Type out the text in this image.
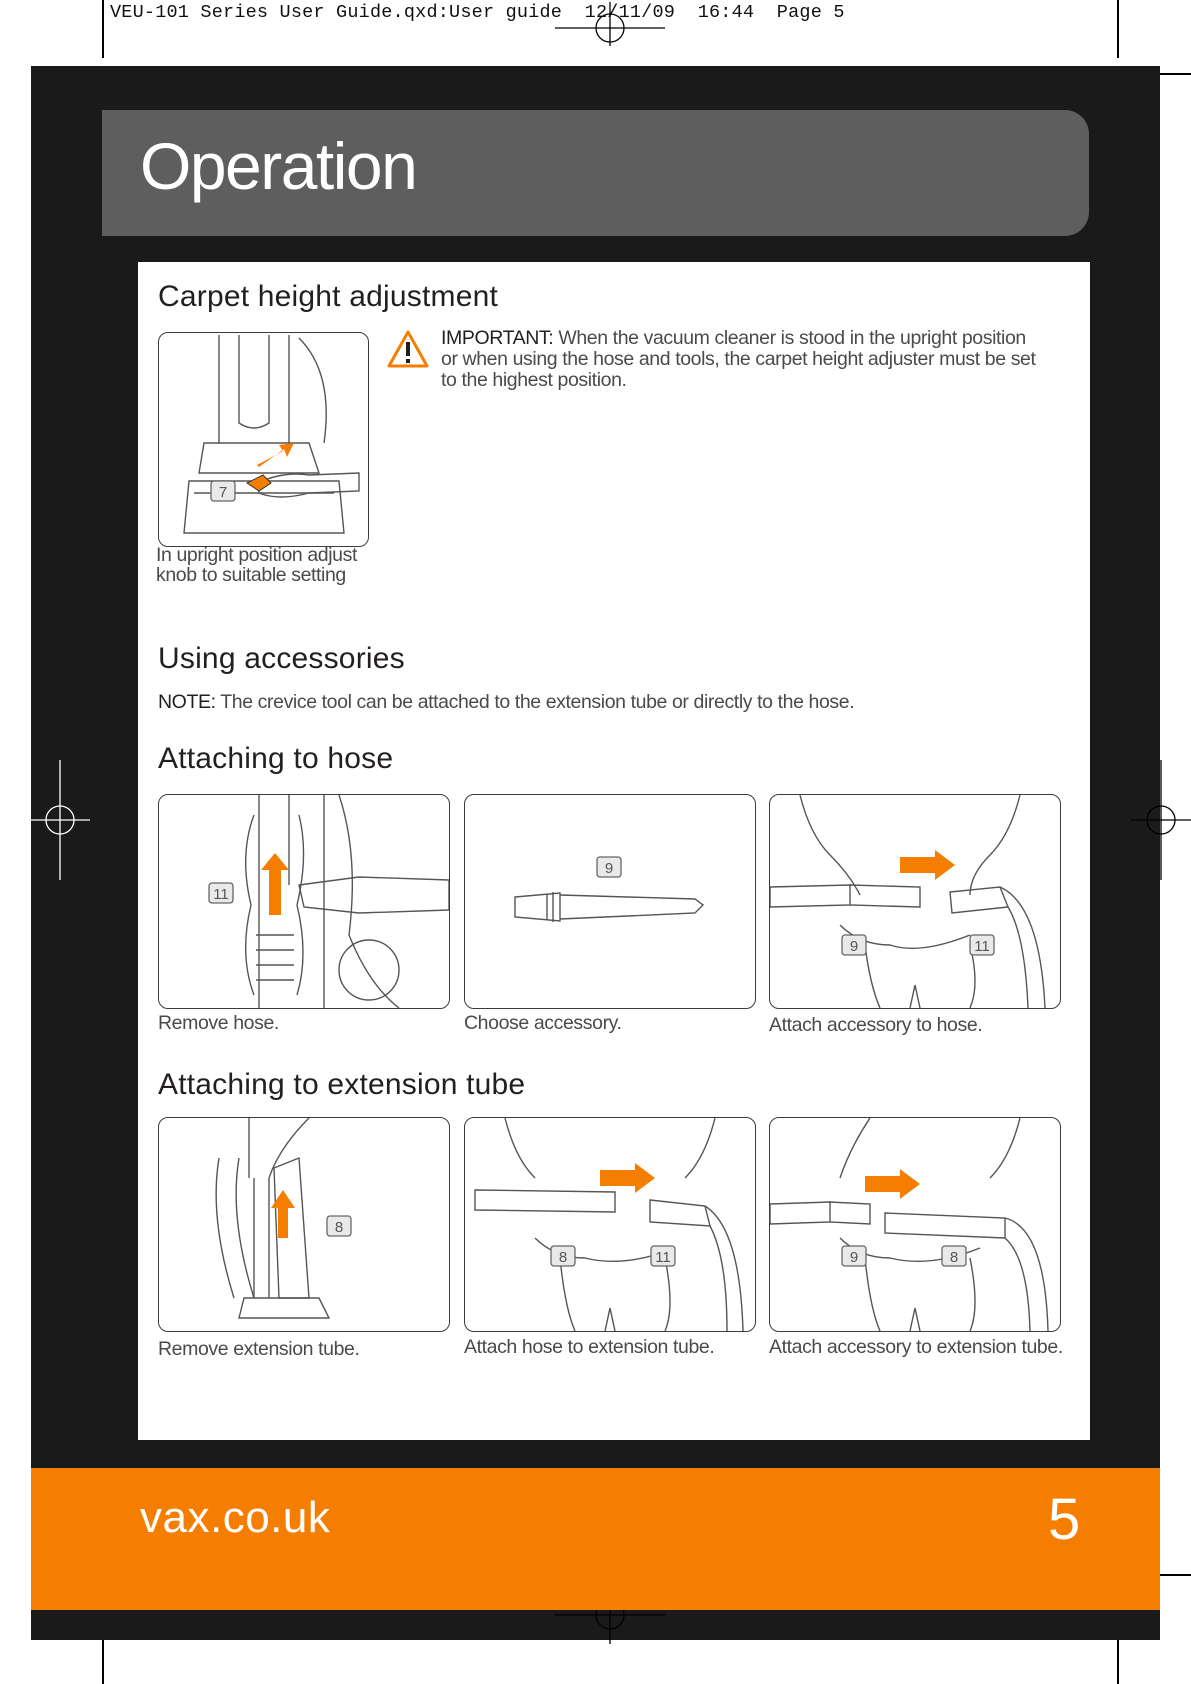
VEU-101 Series User Guide.qxd:User guide  12/11/09  16:44  Page 5
Operation
Carpet height adjustment
7
In upright position adjust knob to suitable setting
IMPORTANT: When the vacuum cleaner is stood in the upright position or when using the hose and tools, the carpet height adjuster must be set to the highest position.
Using accessories
NOTE: The crevice tool can be attached to the extension tube or directly to the hose.
Attaching to hose
11
9
9	11
Remove hose.	Choose accessory.	Attach accessory to hose.
Attaching to extension tube
8
8	11	9	8
Remove extension tube.	Attach hose to extension tube.	Attach accessory to extension tube.
vax.co.uk	5
